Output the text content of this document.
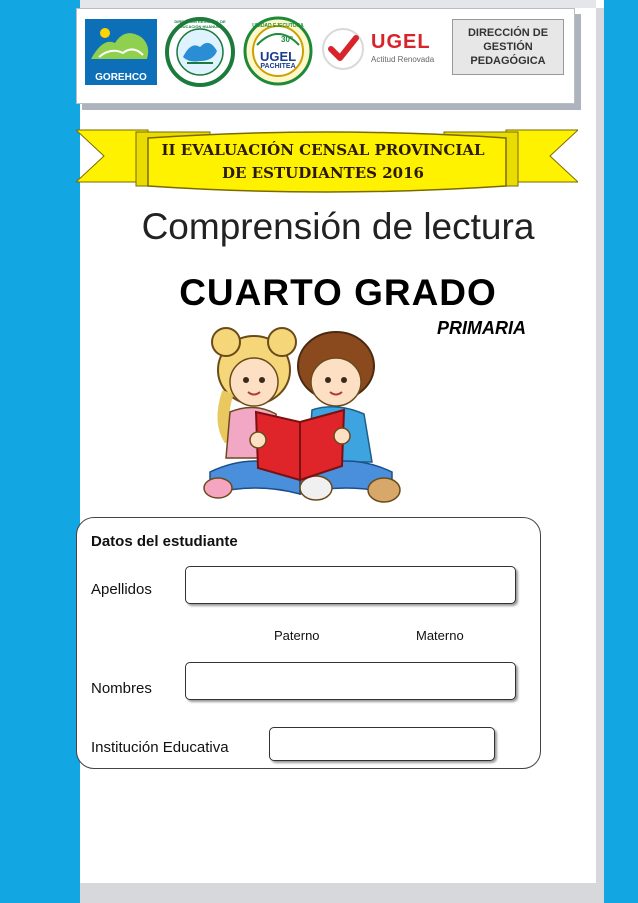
GOREHCO
DIRECCIÓN REGIONAL DE EDUCACIÓN HUÁNUCO	UNIDAD EJECUTORA
30°
UGEL
PACHITEA
UGEL
Actitud Renovada
DIRECCIÓN DE
GESTIÓN
PEDAGÓGICA
II EVALUACIÓN CENSAL PROVINCIAL
DE ESTUDIANTES 2016
Comprensión de lectura
CUARTO GRADO
PRIMARIA
Datos del estudiante
Apellidos
Paterno	Materno
Nombres
Institución Educativa
